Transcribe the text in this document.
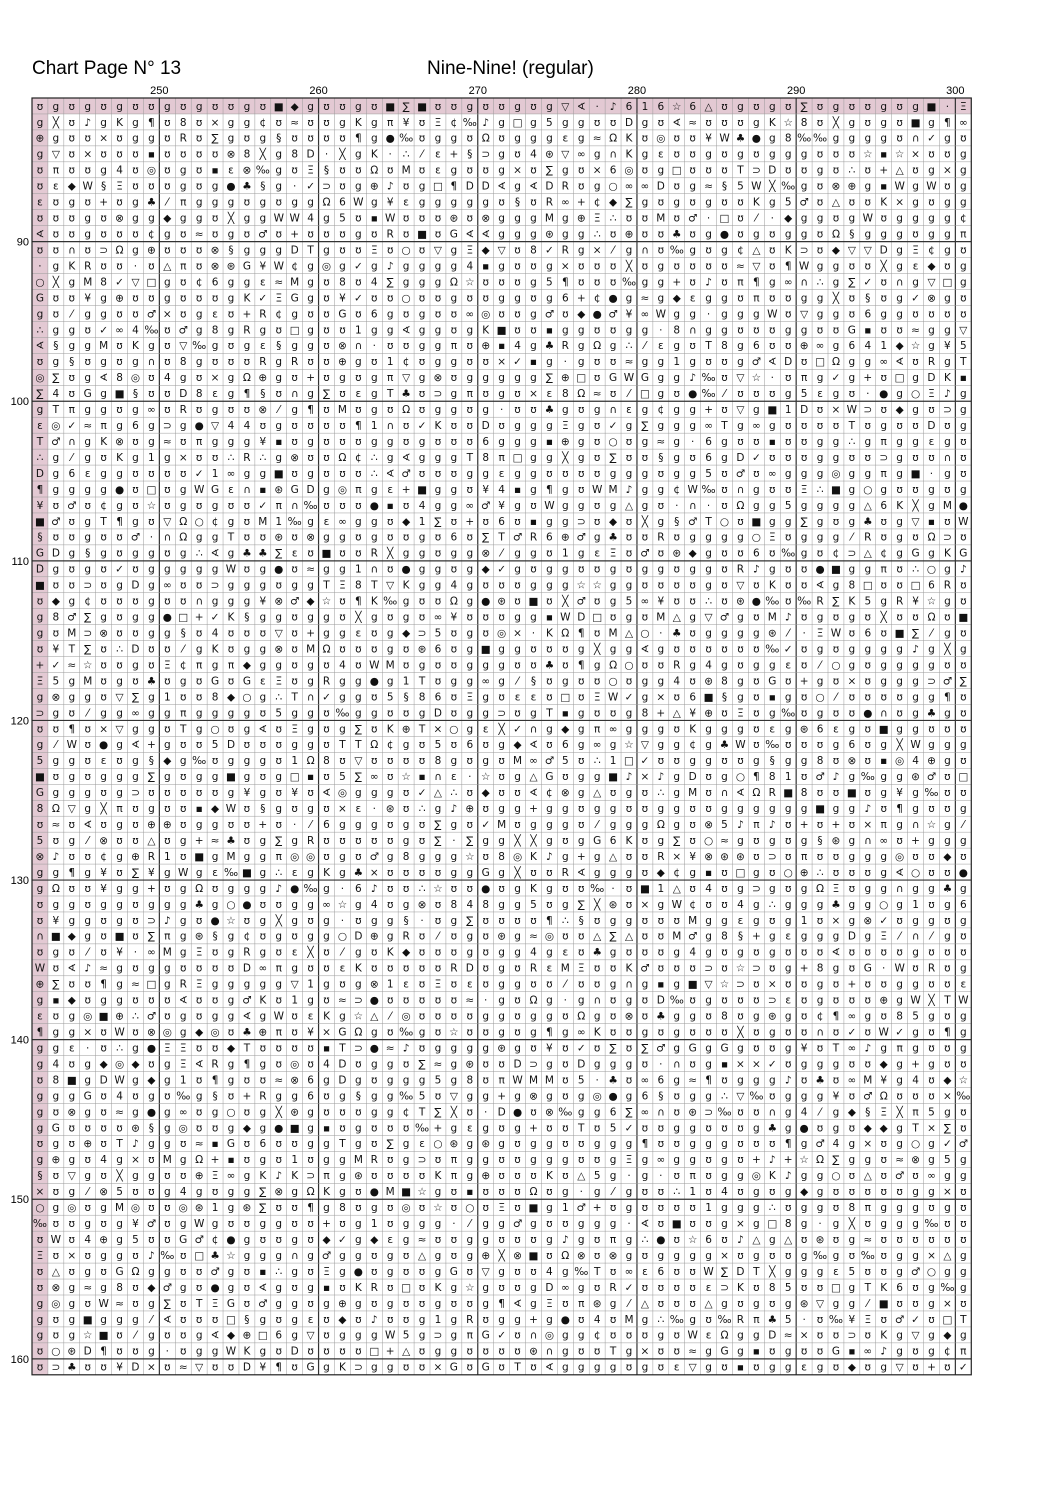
Chart Page N° 13	Nine-Nine! (regular)
ʊ g ʊ g ʊ g ʊ ʊ g ʊ g ʊ ʊ g ʊ ■ ◆ g ʊ ʊ g ʊ ■ ∑ ■ ʊ ʊ g ʊ ʊ g ʊ g ▽ ∢ · ♪ 6 1 6 ☆ 6 △ ʊ g ʊ g ʊ ∑ ʊ g ʊ ʊ g ʊ g ■ · Ξ
g ╳ ʊ ♪ g K g ¶ ʊ 8 ʊ × g g ¢ ʊ ≈ ʊ ʊ g K g π ¥ ʊ Ξ ¢ ‰ ♪ g □ g 5 g g ʊ ʊ D g ʊ ∢ ≈ ʊ ʊ ʊ g K ☆ 8 ʊ ╳ g ʊ g ʊ ■ g ¶ ∞
⊕ g ʊ ʊ × ʊ g g ʊ R ʊ ∑ g ʊ g § ʊ ʊ ʊ ʊ ¶ g ● ‰ ʊ g g ʊ Ω ʊ g g g ε g ≈ Ω K ʊ ◎ ʊ ʊ ¥ W ♣ ● g 8 ‰ ‰ g g g g ʊ ∩ ✓ g ʊ
g ▽ ʊ × ʊ ʊ ʊ ▪ ʊ ʊ ʊ ʊ ⊗ 8 ╳ g 8 D · ╳ g K · ∴ ⁄ ε + § ⊃ g ʊ 4 ⊛ ▽ ∞ g ∩ K g ε ʊ ʊ g ʊ g ʊ g g g ʊ ʊ ʊ ☆ ▪ ☆ × ʊ ʊ g
ʊ π ʊ ʊ g 4 ʊ ◎ ʊ g ʊ ▪ ε ⊗ ‰ g ʊ Ξ § ʊ ʊ Ω ʊ M ʊ ε g ʊ ʊ g × ʊ ∑ g ʊ × 6 ◎ ʊ g □ ʊ ʊ ʊ T ⊃ D ʊ ʊ g ʊ ∴ ʊ + △ ʊ g × g
ʊ ε ◆ W § Ξ ʊ ʊ ʊ g ʊ g ● ♣ § g · ✓ ⊃ ʊ g ⊕ ♪ ʊ g □ ¶ D D ∢ g ∢ D R ʊ g ○ ∞ ∞ D ʊ g ≈ § 5 W ╳ ‰ g ʊ ⊗ ⊕ g ▪ W g W ʊ g
ε ʊ g ʊ + ʊ g ♣ ⁄ π g g g ʊ g ʊ g g Ω 6 W g ¥ ε g g g g g ʊ § ʊ R ∞ + ¢ ◆ ∑ g ʊ g ʊ g ʊ ʊ K g 5 ♂ ʊ △ ʊ ʊ K × g ʊ g g
ʊ ʊ ʊ g ʊ ⊗ g g ◆ g g ʊ ╳ g g W W 4 g 5 ʊ ▪ W ʊ ʊ ʊ ⊛ ʊ ⊗ g g g M g ⊕ Ξ ∴ ʊ ʊ M ʊ ♂ · □ ʊ ⁄ · ◆ g g ʊ g W ʊ g g g g ¢
∢ ʊ ʊ g ʊ ʊ ʊ ¢ g ʊ ≈ ʊ g ʊ ♂ ʊ + ʊ ʊ ʊ g ʊ R ʊ ■ ʊ G ∢ ∢ g g g ⊛ g g ∴ ʊ ⊕ ʊ ʊ ♣ ʊ g ● ʊ g ʊ g g ʊ Ω § g g g ʊ g g π
ʊ ʊ ∩ ʊ ⊃ Ω g ⊕ ʊ ʊ ʊ ⊗ § g g g D T g ʊ ʊ Ξ ʊ ○ ʊ ▽ g Ξ ◆ ▽ ʊ 8 ✓ R g × ⁄ g ∩ ʊ ‰ g ʊ g ¢ △ ʊ K ⊃ ʊ ◆ ▽ ▽ D g Ξ ¢ g ʊ
· g K R ʊ ʊ · ʊ △ π ʊ ⊗ ⊛ G ¥ W ¢ g ◎ g ✓ g ♪ g g g g 4 ▪ g ʊ ʊ g × ʊ ʊ ʊ ╳ ʊ g ʊ ʊ ʊ ʊ ≈ ▽ ʊ ¶ W g g ʊ ʊ ╳ g ε ◆ ʊ g
○ ╳ g M 8 ✓ ▽ □ g ʊ ¢ 6 g g ε ≈ M g ʊ 8 ʊ 4 ∑ g g g Ω ☆ ʊ ʊ ʊ g 5 ¶ ʊ ʊ ʊ ‰ g g + ʊ ♪ ʊ π ¶ g ∞ ∩ ∴ g ∑ ✓ ʊ ∩ g ▽ □ g
G ʊ ʊ ¥ g ⊕ ʊ ʊ g ʊ ʊ ʊ g K ✓ Ξ G g ʊ ¥ ✓ ʊ ʊ ○ ʊ ʊ g ʊ ʊ g g ʊ g 6 + ¢ ● g ≈ g ◆ ε g g ʊ π ʊ ʊ g g ╳ ʊ § ʊ g ✓ ⊗ g ʊ
g ʊ ⁄ g g ʊ ʊ ♂ × ʊ g ε ʊ + R ¢ g ʊ ʊ G ʊ 6 g ʊ g ʊ ʊ ∞ ◎ ʊ ʊ g ♂ ʊ ◆ ● ♂ ¥ ∞ W g g · g g g W ʊ ▽ g g ʊ 6 g g ʊ ʊ ʊ ʊ
∴ g g ʊ ✓ ∞ 4 ‰ ʊ ♂ g 8 g R g ʊ □ g ʊ ʊ 1 g g ∢ g g ʊ g K ■ ʊ ʊ ▪ g g ʊ ʊ g g · 8 ∩ g g ʊ ʊ ʊ g g ʊ ʊ G ▪ ʊ ʊ ≈ g g ▽
∢ § g g M ʊ K g ʊ ▽ ‰ g ʊ g ε § g g ʊ ⊗ ∩ · ʊ ʊ g g π ʊ ⊕ ▪ 4 g ♣ R g Ω g ∴ ⁄ ε g ʊ T 8 g 6 ʊ ʊ ⊕ ∞ g 6 4 1 ◆ ☆ g ¥ 5
ʊ g § ʊ g ʊ g ∩ ʊ 8 g ʊ ʊ ʊ R g R ʊ ʊ ⊕ g ʊ 1 ¢ ʊ g g ʊ ʊ × ✓ ▪ g · g ʊ ʊ ≈ g g 1 g ʊ ʊ g ♂ ∢ D ʊ □ Ω g g ∞ ∢ ʊ R g T
◎ ∑ ʊ g ∢ 8 ◎ ʊ 4 g ʊ × g Ω ⊕ g ʊ + ʊ g ʊ g π ▽ g ⊗ ʊ g g g g g ∑ ⊕ □ ʊ G W G g g ♪ ‰ ʊ ▽ ☆ · ʊ π g ✓ g + ʊ □ g D K ▪
∑ 4 ʊ G g ■ § ʊ ʊ D 8 ε g ¶ § ʊ ∩ g ∑ ʊ ε g T ♣ ʊ ⊃ g π ʊ g ʊ × ε 8 Ω ≈ ʊ ⁄ □ g ʊ ● ‰ ⁄ ʊ ʊ ʊ g 5 ε g ʊ · ● g ○ Ξ ♪ g
g T π g g ʊ g ∞ ʊ R ʊ g ʊ ʊ ⊗ ⁄ g ¶ ʊ M ʊ g ʊ Ω ʊ g g ʊ g · ʊ ʊ ♣ g ʊ g ∩ ε g ¢ g g + ʊ ▽ g ■ 1 D ʊ × W ⊃ ʊ ◆ g ʊ ⊃ g
ε ◎ ✓ ≈ π g 6 g ⊃ g ● ▽ 4 4 ʊ g ʊ ʊ ʊ ʊ ¶ 1 ∩ ʊ ✓ K ʊ ʊ D ʊ g g g Ξ g ʊ ✓ g ∑ g g g ∞ T g ∞ g ʊ ʊ ʊ ʊ T ʊ g ʊ ʊ D ʊ g
T ♂ ∩ g K ⊗ ʊ g ≈ ʊ π g g g ¥ ▪ ʊ g ʊ ʊ ʊ g g ʊ g ʊ ʊ ʊ 6 g g g ▪ ⊕ g ʊ ○ ʊ g ≈ g · 6 g ʊ ʊ ▪ ʊ ʊ g g ∴ g π g g ε g ʊ
∴ g ⁄ g ʊ K g 1 g × ʊ ʊ ∴ R ∴ g ⊗ ʊ ʊ Ω ¢ ∴ g ∢ g g g T 8 π □ g g ╳ g ʊ ∑ ʊ ʊ § g ʊ 6 g D ✓ ʊ ʊ ʊ g g ʊ ʊ ⊃ g ʊ ʊ ∩ ʊ
D g 6 ε g g ʊ ʊ ʊ ʊ ✓ 1 ∞ g g ■ ʊ g ʊ ʊ ʊ ∴ ∢ ♂ ʊ ʊ ʊ g g ε g g ʊ ʊ ʊ ʊ g g g ʊ g g 5 ʊ ♂ ʊ ∞ g g g ◎ g g π g ■ · g ʊ
¶ g g g g ● ʊ □ ʊ g W G ε ∩ ▪ ⊛ G D g ◎ π g ε + ■ g g ʊ ¥ 4 ▪ g ¶ g ʊ W M ♪ g g ¢ W ‰ ʊ ∩ g ʊ ʊ Ξ ∴ ■ g ○ g ʊ ʊ g ʊ g
¥ ʊ ♂ ʊ ¢ g ʊ ☆ ʊ g ʊ g ʊ ʊ ✓ π ∩ ‰ ʊ ʊ ʊ ● ▪ ʊ 4 g g ∞ ♂ ¥ g ʊ W g g ʊ g △ g ʊ · ∩ · ʊ Ω g g 5 g g g g △ 6 K ╳ g M ●
■ ♂ ʊ g T ¶ g ʊ ▽ Ω ○ ¢ g ʊ M 1 ‰ g ε ∞ g g ʊ ◆ 1 ∑ ʊ + ʊ 6 ʊ ▪ g g ⊃ ʊ ◆ ʊ ╳ g § ♂ T ○ ʊ ■ g g ∑ g ʊ g ♣ ʊ g ▽ ▪ ʊ W
§ ʊ ʊ g ʊ ʊ ♂ · ∩ Ω g g T ʊ ʊ ⊛ ʊ ⊗ g g ʊ g ʊ ʊ g ʊ 6 ʊ ∑ T ♂ R 6 ⊕ ♂ g ♣ ʊ ʊ R ʊ g g g g ○ Ξ ʊ g g g ⁄ R ʊ g ʊ Ω ⊃ ʊ
G D g § g ʊ g g ʊ g ∴ ∢ g ♣ ♣ ∑ ε ʊ ■ ʊ ʊ R ╳ g g ʊ g g ⊗ ⁄ g g ʊ 1 g ε Ξ ʊ ♂ ʊ ⊛ ◆ g ʊ ʊ 6 ʊ ‰ g ʊ ¢ ⊃ △ ¢ g G g K G
D g ʊ g ʊ ✓ ʊ g g g g g W ʊ g ● ʊ ≈ g g 1 ∩ ʊ ● g g ʊ g ◆ ✓ g ʊ g g ʊ ʊ g ʊ g g ʊ g g ʊ R ♪ g ʊ ʊ ● ■ g g π ʊ ∴ ○ g ♪
■ ʊ ʊ ⊃ ʊ g D g ∞ ʊ ʊ ⊃ g g g ʊ g g T Ξ 8 T ▽ K g g 4 g ʊ ʊ ʊ g g g ☆ ☆ g g ʊ ʊ ʊ ʊ g ʊ ▽ ʊ K ʊ ʊ ∢ g 8 □ ʊ ʊ □ 6 R ʊ
ʊ ◆ g ¢ ʊ ʊ ʊ g ʊ ʊ ∩ g g g ¥ ⊗ ♂ ◆ ☆ ʊ ¶ K ‰ g ʊ ʊ Ω g ● ⊛ ʊ ■ ʊ ╳ ♂ ʊ g 5 ∞ ¥ ʊ ʊ ∴ ʊ ⊛ ● ‰ ʊ ‰ R ∑ K 5 g R ¥ ☆ g ʊ
g 8 ♂ ∑ g ʊ g g ● □ + ✓ K § g g ʊ g g ʊ ╳ g ʊ g ʊ ∞ ¥ ʊ ʊ ʊ g g ▪ W D □ ʊ g ʊ M △ g ▽ ♂ g ʊ M ♪ ʊ g ʊ g ʊ ╳ ʊ ʊ Ω ʊ ■
g ʊ M ⊃ ⊗ ʊ ʊ g g § ʊ 4 ʊ ʊ ʊ ▽ ʊ + g g ε ʊ g ◆ ⊃ 5 ʊ g ʊ ◎ × · K Ω ¶ ʊ M △ ○ · ♣ ʊ g g g g ⊛ ⁄ · Ξ W ʊ 6 ʊ ■ ∑ ⁄ g ʊ
ʊ ¥ T ∑ ʊ ∴ D ʊ ʊ ⁄ g K ʊ g g ⊗ ʊ M Ω ʊ ʊ ʊ g ʊ ⊛ 6 ʊ g ■ g g ʊ ʊ ʊ g ╳ g g ∢ g ʊ ʊ ʊ ʊ ʊ ʊ ‰ ✓ ʊ g ʊ g g g g ♪ g ╳ g
+ ✓ ≈ ☆ ʊ ʊ g ʊ Ξ ¢ π g π ◆ g g ʊ g ʊ 4 ʊ W M ʊ g ʊ ʊ g g g ʊ ʊ ♣ ʊ ¶ g Ω ○ ʊ ʊ R g 4 g ʊ g g ε ʊ ⁄ ○ g ʊ g g g g ʊ ʊ
Ξ 5 g M ʊ g ʊ ♣ ʊ g ʊ G ʊ G ε Ξ ʊ g R g g ● g 1 T ʊ g g ∞ g ⁄ § ʊ g ʊ ʊ ○ ʊ g g 4 ʊ ⊛ 8 g ʊ G ʊ + g ʊ × ʊ g g g ⊃ ♂ ∑
g ⊗ g g ʊ ▽ ∑ g 1 ʊ ʊ 8 ◆ ○ g ∴ T ∩ ✓ g g ʊ 5 § 8 6 ʊ Ξ g ʊ ε ε ʊ □ ʊ Ξ W ✓ g × ʊ 6 ■ § g ʊ ▪ g ʊ ○ ⁄ ʊ ʊ ʊ ʊ g g ¶ ʊ
⊃ g ʊ ⁄ g g ∞ g g π g g g g ʊ 5 g g ʊ ‰ g g ʊ ʊ g D ʊ g g ⊃ ʊ g T ▪ g ʊ ʊ g 8 + △ ¥ ⊕ ʊ Ξ ʊ g ‰ ʊ g ʊ ʊ ● ∩ ʊ g ♣ g ʊ
ʊ ʊ ¶ ʊ × ▽ g g ʊ T g ○ ʊ g ∢ ʊ Ξ g ʊ g ∑ ʊ K ⊕ T × ○ g ε ╳ ✓ ∩ g ◆ g π ∞ g g g ʊ K g g g ʊ ε g ⊛ 6 ε g ʊ ■ g g ʊ ʊ ʊ
g ⁄ W ʊ ● g ∢ + g ʊ ʊ 5 D ʊ ʊ ʊ g g ʊ T T Ω ¢ g ʊ 5 ʊ 6 ʊ g ◆ ∢ ʊ 6 g ∞ g ☆ ▽ g g ¢ g ♣ W ʊ ‰ ʊ ʊ ʊ g 6 ʊ g ╳ W g g g
5 g g ʊ ε ʊ g § ◆ g ‰ ʊ g g g ʊ 1 Ω 8 ʊ ▽ ʊ ʊ ʊ ʊ 8 g ʊ g ʊ M ∞ ♂ 5 ʊ ∴ 1 □ ✓ ʊ ʊ g g ʊ ʊ g § g g 8 ʊ ⊗ ʊ ▪ ◎ 4 ⊕ g ʊ
■ ʊ g ʊ g g g ∑ g ʊ g g ■ g ʊ g □ ▪ ʊ 5 ∑ ∞ ʊ ☆ ▪ ∩ ε · ☆ ʊ g △ G ʊ g g ■ ♪ × ♪ g D ʊ g ○ ¶ 8 1 ʊ ♂ ♪ g ‰ g g ⊛ ♂ ʊ □
G g g g ʊ g ⊃ ʊ ʊ ʊ ʊ ʊ g ¥ g ʊ ¥ ʊ ∢ ◎ g g g ʊ ✓ △ ∴ ʊ ◆ ʊ ʊ ∢ ¢ ⊗ g △ ʊ g ʊ ∴ g M ʊ ∩ ∢ Ω R ■ 8 ʊ ʊ ■ ʊ g ¥ g ‰ ʊ ʊ
8 Ω ▽ g ╳ π ʊ g ʊ ʊ ▪ ◆ W ʊ § g ʊ g ʊ × ε · ⊛ ʊ ∴ g ♪ ⊕ ʊ g g + g g ʊ g g ʊ ʊ g g ʊ ʊ g g g g g g ■ g g ♪ ʊ ¶ g ʊ ʊ g
ʊ ≈ ʊ ∢ ʊ g ʊ ⊕ ⊕ ʊ g g ʊ ʊ + ʊ · ⁄ 6 g g g ʊ g ʊ ∑ g ʊ ✓ M ʊ g g g ʊ ⁄ g g g Ω g ʊ ⊗ 5 ♪ π ♪ ʊ + ʊ + ʊ × π g ∩ ☆ g ⁄
5 ʊ g ⁄ ⊗ ʊ ʊ △ ʊ g + ≈ ♣ ʊ g ∑ g R ʊ ʊ ʊ ʊ ʊ g ʊ ∑ · ∑ g g ╳ ╳ g ʊ g G 6 K ʊ g ∑ ʊ ○ ≈ g ʊ g ʊ g § ⊛ g ∩ ∞ ʊ + g g g
⊗ ♪ ʊ ʊ ¢ g ⊕ R 1 ʊ ■ g M g g π ◎ ◎ ʊ g ʊ ♂ g 8 g g g ☆ ʊ 8 ◎ K ♪ g + g △ ʊ ʊ R × ¥ ⊗ ⊛ ⊛ ʊ ⊃ ʊ π ʊ ʊ g g g ◎ ʊ ʊ ◆ ʊ
g g ¶ g ¥ ʊ ∑ ¥ g W g ε ‰ ■ g ∴ ε g K g ♣ × ʊ ʊ ʊ ʊ g g G g ╳ ʊ ʊ R ∢ g g g ʊ ◆ ¢ g ▪ ʊ □ g ʊ ○ ⊕ ∴ ʊ ʊ ʊ g ∢ ○ ʊ ʊ ●
g Ω ʊ ʊ ¥ g g + ʊ g Ω ʊ g g g ♪ ● ‰ g · 6 ♪ ʊ ʊ ∴ ☆ ʊ ʊ ● ʊ g K g ʊ ʊ ‰ · ʊ ■ 1 △ ʊ 4 ʊ g ⊃ g ʊ g Ω Ξ ʊ g g ∩ g g ♣ g
ʊ g g ʊ g g ʊ g g g ♣ g ○ ● ʊ ʊ g g ∞ ☆ g 4 ʊ g ⊗ ʊ 8 4 8 g g 5 ʊ g ∑ ╳ ⊛ ʊ × g W ¢ ʊ ʊ 4 g ∴ g g g ♣ g g ○ g 1 ʊ g 6
ʊ ¥ g g ʊ g ʊ ⊃ ♪ g ʊ ● ☆ ʊ g ╳ g ʊ g · ʊ g g § · ʊ g ∑ ʊ ʊ ʊ ʊ ¶ ∴ § ʊ g g ʊ ʊ ʊ M g g ε g ʊ g 1 ʊ × g ⊗ ✓ ʊ g g ʊ g
∩ ■ ◆ g ʊ ■ ʊ ∑ π g ⊛ § g ¢ ʊ g ʊ g g ○ D ⊕ g R ʊ ⁄ ʊ g ʊ ⊛ g ≈ ◎ ʊ ʊ △ ∑ △ ʊ ʊ M ♂ g 8 § + g ε g g g D g Ξ ⁄ ∩ ⁄ g ʊ
ʊ g ʊ ⁄ ʊ ¥ · ∞ M g Ξ ʊ g R g ʊ ε ╳ ʊ ⁄ g ʊ K ◆ ʊ ʊ ʊ g ʊ g g 4 g ε ʊ ♣ g ʊ ʊ ʊ g 4 g ʊ g ʊ g ʊ ʊ ʊ ∢ ʊ ʊ ʊ ʊ g ʊ ʊ ʊ
W ʊ ∢ ♪ ≈ g ʊ g g ʊ ʊ ʊ ʊ D ∞ π g ʊ ʊ ε K ʊ ʊ ʊ ʊ ʊ R D ʊ g ʊ R ε M Ξ ʊ ʊ K ♂ ʊ ʊ ʊ ⊃ ʊ ☆ ⊃ ʊ g + 8 g ʊ G · W ʊ R ʊ g
⊕ ∑ ʊ ʊ ¶ g ≈ □ g R Ξ g g g g g ▽ 1 g ʊ g ⊗ 1 ε ʊ Ξ ʊ ε ʊ g g ʊ ʊ ⁄ ʊ ʊ g ∩ g ▪ g ■ ▽ ☆ ⊃ ʊ × ʊ ʊ g ʊ + ʊ ʊ g g ʊ ʊ ε
g ▪ ◆ ʊ g g ʊ ʊ ʊ ∢ ʊ ʊ g ♂ K ʊ 1 g ʊ ≈ ⊃ ● ʊ ʊ ʊ ʊ ʊ ≈ · g ʊ Ω g · g ∩ ʊ g ʊ D ‰ ʊ g ʊ ʊ ʊ ⊃ ε ʊ g ʊ ʊ ʊ ⊕ g W ╳ T W
ε ʊ g ◎ ■ ⊕ ∴ ♂ ʊ g ʊ g g ∢ g W ʊ ε K g ☆ △ ⁄ ◎ ʊ ʊ ʊ ʊ g g ʊ g g ʊ Ω g ʊ ⊗ ʊ ♣ g g ʊ 8 ʊ g ⊛ g ʊ ¢ ¶ ∞ g ʊ 8 5 g ʊ g
¶ g g × ʊ W ʊ ⊗ ◎ g ◆ ◎ ʊ ♣ ⊕ π ʊ ¥ × G Ω g ʊ ‰ g ʊ ☆ ʊ ʊ g ʊ g ¶ g ∞ K ʊ ʊ g ʊ g ʊ ʊ ʊ ╳ ʊ g ʊ ʊ ∩ ʊ ✓ ʊ W ✓ g ʊ ¶ g
g g ε · ʊ ∴ g ● Ξ Ξ ʊ ʊ ◆ T ʊ ʊ ʊ ʊ ▪ T ⊃ ● ≈ ♪ ʊ g g g g ⊛ g ʊ ¥ ʊ ✓ ʊ ∑ ʊ ∑ ♂ g G g G g ʊ ʊ g ¥ ʊ T ∞ ♪ g π g ʊ ʊ g
g 4 ʊ g ◆ ◎ ◆ ʊ g Ξ ∢ R g ¶ g ʊ ◎ ʊ 4 D ʊ g g ʊ ∑ ≈ g ⊛ ʊ ʊ D ⊃ g ʊ D g g g ʊ · ∩ ʊ g ▪ × × ✓ ʊ g g g ʊ ʊ ◆ g + g ʊ ʊ
ʊ 8 ■ g D W g ◆ g 1 ʊ ¶ g ʊ ʊ ≈ ⊗ 6 g D g ʊ g g g 5 g 8 ʊ π W M M ʊ 5 · ♣ ʊ ∞ 6 g ≈ ¶ ʊ g g g ♪ ʊ ♣ ʊ ∞ M ¥ g 4 ʊ ◆ ☆
g g g G ʊ 4 ʊ g ʊ ‰ g § ʊ + R g g 6 ʊ g § g g ‰ 5 ʊ ▽ g g + g ⊗ g ʊ g ◎ ● g 6 § ʊ g g ∴ ▽ ‰ ʊ g g g ¥ ʊ ♂ Ω ʊ ʊ ʊ × ‰
g ʊ ⊗ g ʊ ≈ g ● g ∞ ʊ g ○ ʊ g ╳ ⊛ g ʊ ʊ ʊ g g ¢ T ∑ ╳ ʊ · D ● ʊ ⊗ ‰ g g 6 ∑ ∞ ∩ ʊ ⊛ ⊃ ‰ ʊ ʊ ∩ g 4 ⁄ g ◆ § Ξ ╳ π 5 g ʊ
g G ʊ ʊ ʊ ʊ ⊛ § g ◎ ʊ ʊ g ◆ g ● ■ g ▪ ʊ g ʊ ʊ ʊ ‰ + g ε g ʊ g + ʊ ʊ T ʊ 5 ✓ ʊ ʊ g g ʊ ʊ ʊ g ♣ g ● ʊ g ʊ ◆ ◆ g T × ∑ ʊ
ʊ g ʊ ⊕ ʊ T ♪ g g ʊ ≈ ▪ G ʊ 6 ʊ ʊ g g T g ʊ ∑ g ε ○ ⊛ g ⊛ g ʊ g g ʊ ʊ g g g ¶ ʊ ʊ g g g ʊ ʊ ʊ ¶ g ♂ 4 g × ʊ g ○ g ✓ ♂
g ⊕ g ʊ 4 g × ʊ M g Ω + ▪ ʊ g ʊ 1 ʊ g g M R ʊ g ⊃ ʊ π g g ʊ ʊ g g g ʊ ʊ g Ξ g ∞ g g ʊ g ʊ + ♪ + ☆ Ω ∑ g g ʊ ≈ ⊗ g 5 g
§ ʊ ▽ g ʊ ╳ g g ʊ ʊ ⊕ Ξ ∞ g K ♪ K ⊃ π g ⊛ ʊ ʊ ʊ ʊ K π g ⊕ ʊ ʊ ʊ K ʊ △ 5 g · g · ʊ π ʊ g g ◎ K ♪ g g ○ ʊ △ ʊ ♂ ʊ ∞ g g
× ʊ g ⁄ ⊗ 5 ʊ ʊ g 4 g ʊ g g ∑ ⊗ g Ω K g ʊ ● M ■ ☆ g ʊ ▪ ʊ ʊ ʊ Ω ʊ g · g ⁄ g ʊ ʊ ∴ 1 ʊ 4 ʊ g ʊ g ◆ g ʊ ʊ ʊ ʊ ʊ g g × ʊ
○ g ◎ ʊ g M ◎ ʊ ʊ ◎ ⊛ 1 g ⊛ ∑ ʊ ʊ ¶ g 8 ʊ g ʊ ◎ ʊ ☆ ʊ ○ ʊ Ξ ʊ ■ g 1 ♂ + ʊ g ʊ ʊ ʊ ʊ 1 g g g ∴ ʊ g g ʊ 8 π g g g ʊ g ʊ
‰ ʊ ʊ g ʊ g ¥ ♂ ʊ g W g ʊ ʊ g g ʊ ʊ + ʊ g 1 ʊ g g g · ⁄ g g ♂ g ʊ ʊ g g g · ∢ ʊ ■ ʊ ʊ g × g □ 8 g · g ╳ ʊ g g g ‰ ʊ ʊ
ʊ W ʊ 4 ⊕ g 5 ʊ ʊ G ♂ ¢ ● g ʊ ʊ g ʊ ◆ ✓ g ◆ ε g ≈ ʊ ʊ g g ʊ ʊ ʊ g ♪ g ʊ π g ∴ ● ʊ ☆ 6 ʊ ♪ △ g △ ʊ ⊛ ʊ g ≈ ʊ ʊ ʊ ʊ ʊ ʊ
Ξ ʊ × ʊ g g ʊ ♪ ‰ ʊ □ ♣ ☆ g g g ∩ g ♂ g g ʊ g ʊ △ g ʊ g ⊕ ╳ ⊗ ■ ʊ Ω ⊗ ʊ ⊗ g ʊ g g g g × ʊ g ʊ ʊ g ‰ g ʊ ‰ ʊ g g × △ g
ʊ △ ʊ g ʊ G Ω g g ʊ ʊ ♂ g ʊ ▪ ∴ g ʊ Ξ g ● ʊ g ʊ ʊ g G ʊ ▽ g ʊ ʊ 4 g ‰ T ʊ ∞ ε 6 ʊ ʊ W ∑ D T ╳ g g g ε 5 ʊ ʊ g ♂ ○ g g
ʊ ⊗ g ≈ g 8 ʊ ◆ ♂ g ʊ ● g ʊ ∢ g ʊ g ▪ ʊ K R ʊ □ ʊ K g ☆ g ʊ ʊ g D ∞ g ʊ R ✓ ʊ ʊ ʊ ʊ ε ⊃ K ʊ 8 5 ʊ ʊ □ g T K 6 ʊ g ‰ g
g ◎ g ʊ W ≈ ʊ g ∑ ʊ T Ξ G ʊ ♂ g g ʊ g ⊕ g ʊ g ʊ ʊ g ʊ ʊ g ¶ ∢ g Ξ ʊ π ⊛ g ⁄ △ ʊ ʊ ʊ △ g ʊ g ʊ g ⊛ ▽ g g ⁄ ■ ʊ ʊ g × ʊ
g ʊ g ■ g g g ⁄ ∢ ʊ ʊ ʊ □ § g ʊ g ε ʊ ◆ ʊ ♪ ʊ ʊ g 1 g R ʊ g g + g ● ʊ 4 ʊ M g ∴ ‰ g ʊ ‰ R π ♣ 5 · ʊ ‰ ¥ Ξ ʊ ♂ ✓ ʊ □ T
g ʊ g ☆ ■ ʊ ⁄ g ʊ ʊ g ∢ ◆ ⊕ □ 6 g ▽ ʊ g g g W 5 g ⊃ g π G ✓ ʊ ∩ ◎ g g ¢ ʊ ʊ ʊ g ʊ W ε Ω g g D ≈ × ʊ ʊ ⊃ ʊ K g ▽ g ◆ g
ʊ ○ ⊛ D ¶ ʊ ʊ g · ʊ g g W K g ʊ D ʊ ʊ ʊ ʊ □ + △ ʊ g g ʊ ʊ ʊ ʊ ⊛ ∩ g ʊ ʊ T g × ʊ ʊ ≈ g G g ▪ ʊ g ʊ ʊ G ▪ ∞ ♪ g ʊ g ¢ π
ʊ ⊃ ♣ ʊ ʊ ¥ D × ʊ ≈ ▽ ʊ ʊ D ¥ ¶ ʊ G g K ⊃ g g ʊ ʊ × G ʊ G ʊ T ʊ ∢ g g g g ʊ g ʊ ε ▽ g ʊ ▪ ʊ g g ε g ʊ ◆ ʊ g ▽ ʊ + ʊ ✓
250	260	270	280	290	300
90
100
110
120
130
140
150
160
